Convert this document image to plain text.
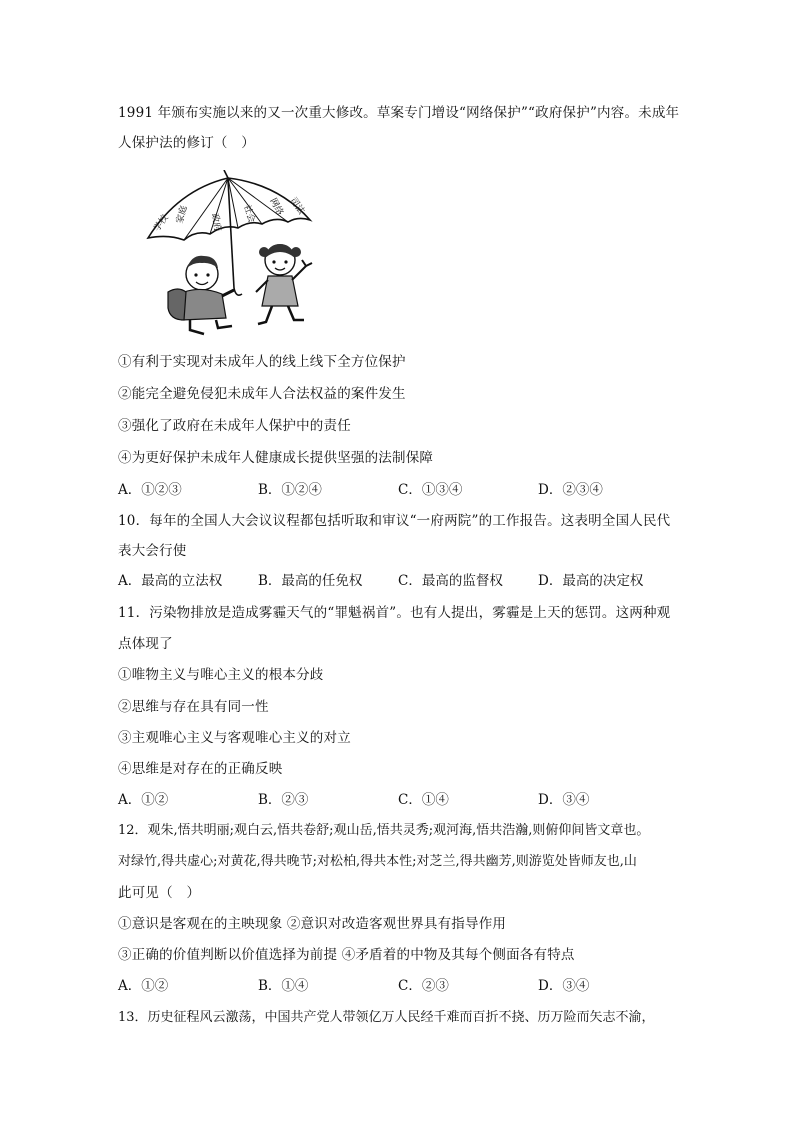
1991 年颁布实施以来的又一次重大修改。草案专门增设“网络保护”“政府保护”内容。未成年
人保护法的修订（　）
学校 家庭 政府 社会 网络 司法
①有利于实现对未成年人的线上线下全方位保护
②能完全避免侵犯未成年人合法权益的案件发生
③强化了政府在未成年人保护中的责任
④为更好保护未成年人健康成长提供坚强的法制保障
A．①②③	B．①②④	C．①③④	D．②③④
10．每年的全国人大会议议程都包括听取和审议“一府两院”的工作报告。这表明全国人民代
表大会行使
A．最高的立法权	B．最高的任免权	C．最高的监督权	D．最高的决定权
11．污染物排放是造成雾霾天气的“罪魁祸首”。也有人提出，雾霾是上天的惩罚。这两种观
点体现了
①唯物主义与唯心主义的根本分歧
②思维与存在具有同一性
③主观唯心主义与客观唯心主义的对立
④思维是对存在的正确反映
A．①②	B．②③	C．①④	D．③④
12．观朱,悟共明丽;观白云,悟共卷舒;观山岳,悟共灵秀;观河海,悟共浩瀚,则俯仰间皆文章也。
对绿竹,得共虚心;对黄花,得共晚节;对松柏,得共本性;对芝兰,得共幽芳,则游览处皆师友也,山
此可见（　）
①意识是客观在的主映现象 ②意识对改造客观世界具有指导作用
③正确的价值判断以价值选择为前提 ④矛盾着的中物及其每个侧面各有特点
A．①②	B．①④	C．②③	D．③④
13．历史征程风云激荡，中国共产党人带领亿万人民经千难而百折不挠、历万险而矢志不渝，
